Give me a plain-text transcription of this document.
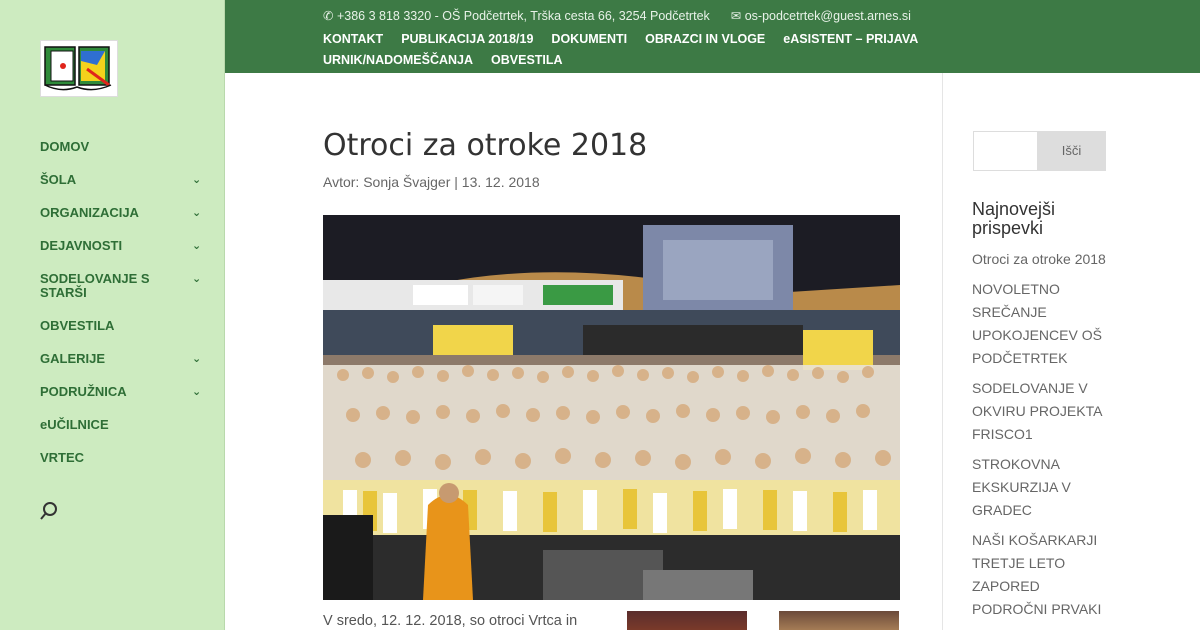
DOMOV
ŠOLA	⌄
ORGANIZACIJA	⌄
DEJAVNOSTI	⌄
SODELOVANJE S STARŠI
⌄
OBVESTILA
GALERIJE	⌄
PODRUŽNICA	⌄
eUČILNICE
VRTEC
✆ +386 3 818 3320 - OŠ Podčetrtek, Trška cesta 66, 3254 Podčetrtek ✉ os-podcetrtek@guest.arnes.si
KONTAKT PUBLIKACIJA 2018/19 DOKUMENTI OBRAZCI IN VLOGE eASISTENT – PRIJAVAURNIK/NADOMEŠČANJA OBVESTILA
Otroci za otroke 2018
Avtor: Sonja Švajger | 13. 12. 2018
V sredo, 12. 12. 2018, so otroci Vrtca in
Išči
Najnovejši prispevki
Otroci za otroke 2018
NOVOLETNO SREČANJE UPOKOJENCEV OŠ PODČETRTEK
SODELOVANJE V OKVIRU PROJEKTA FRISCO1
STROKOVNA EKSKURZIJA V GRADEC
NAŠI KOŠARKARJI TRETJE LETO ZAPORED PODROČNI PRVAKI
